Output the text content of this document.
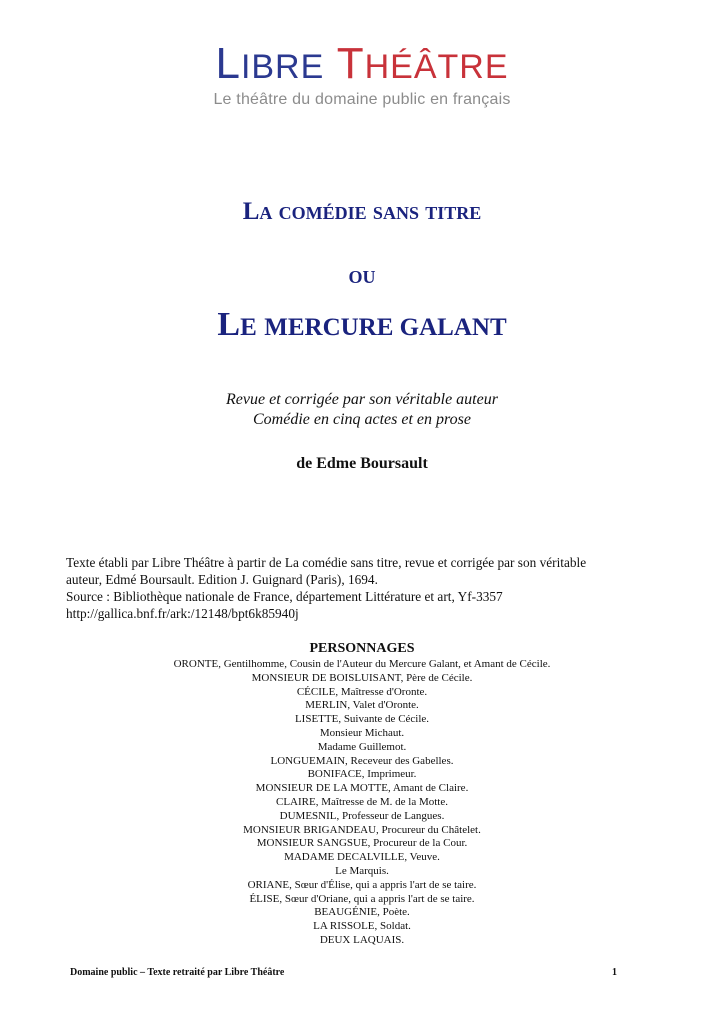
LIBRE THÉÂTRE
Le théâtre du domaine public en français
La comédie sans titre
ou
LE MERCURE GALANT
Revue et corrigée par son véritable auteur
Comédie en cinq actes et en prose
de Edme Boursault
Texte établi par Libre Théâtre à partir de La comédie sans titre, revue et corrigée par son véritable
auteur, Edmé Boursault. Edition J. Guignard (Paris), 1694.
Source : Bibliothèque nationale de France, département Littérature et art, Yf-3357
http://gallica.bnf.fr/ark:/12148/bpt6k85940j
PERSONNAGES
ORONTE, Gentilhomme, Cousin de l'Auteur du Mercure Galant, et Amant de Cécile.
MONSIEUR DE BOISLUISANT, Père de Cécile.
CÉCILE, Maîtresse d'Oronte.
MERLIN, Valet d'Oronte.
LISETTE, Suivante de Cécile.
Monsieur Michaut.
Madame Guillemot.
LONGUEMAIN, Receveur des Gabelles.
BONIFACE, Imprimeur.
MONSIEUR DE LA MOTTE, Amant de Claire.
CLAIRE, Maîtresse de M. de la Motte.
DUMESNIL, Professeur de Langues.
MONSIEUR BRIGANDEAU, Procureur du Châtelet.
MONSIEUR SANGSUE, Procureur de la Cour.
MADAME DECALVILLE, Veuve.
Le Marquis.
ORIANE, Sœur d'Élise, qui a appris l'art de se taire.
ÉLISE, Sœur d'Oriane, qui a appris l'art de se taire.
BEAUGÉNIE, Poète.
LA RISSOLE, Soldat.
DEUX LAQUAIS.
Domaine public – Texte retraité par Libre Théâtre	1
